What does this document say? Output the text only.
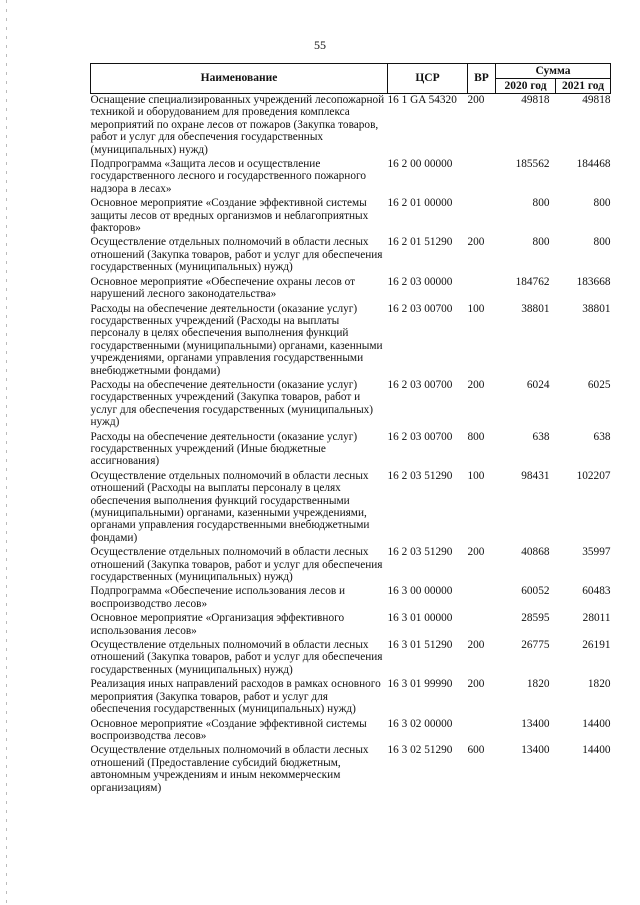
55
Наименование	ЦСР	ВР	Сумма	
			2020 год	2021 год
Оснащение специализированных учреждений лесопожарной техникой и оборудованием для проведения комплекса мероприятий по охране лесов от пожаров (Закупка товаров, работ и услуг для обеспечения государственных (муниципальных) нужд)	16 1 GA 54320	200	49818	49818
Подпрограмма «Защита лесов и осуществление государственного лесного и государственного пожарного надзора в лесах»	16 2 00 00000		185562	184468
Основное мероприятие «Создание эффективной системы защиты лесов от вредных организмов и неблагоприятных факторов»	16 2 01 00000		800	800
Осуществление отдельных полномочий в области лесных отношений (Закупка товаров, работ и услуг для обеспечения государственных (муниципальных) нужд)	16 2 01 51290	200	800	800
Основное мероприятие «Обеспечение охраны лесов от нарушений лесного законодательства»	16 2 03 00000		184762	183668
Расходы на обеспечение деятельности (оказание услуг) государственных учреждений (Расходы на выплаты персоналу в целях обеспечения выполнения функций государственными (муниципальными) органами, казенными учреждениями, органами управления государственными внебюджетными фондами)	16 2 03 00700	100	38801	38801
Расходы на обеспечение деятельности (оказание услуг) государственных учреждений (Закупка товаров, работ и услуг для обеспечения государственных (муниципальных) нужд)	16 2 03 00700	200	6024	6025
Расходы на обеспечение деятельности (оказание услуг) государственных учреждений (Иные бюджетные ассигнования)	16 2 03 00700	800	638	638
Осуществление отдельных полномочий в области лесных отношений (Расходы на выплаты персоналу в целях обеспечения выполнения функций государственными (муниципальными) органами, казенными учреждениями, органами управления государственными внебюджетными фондами)	16 2 03 51290	100	98431	102207
Осуществление отдельных полномочий в области лесных отношений (Закупка товаров, работ и услуг для обеспечения государственных (муниципальных) нужд)	16 2 03 51290	200	40868	35997
Подпрограмма «Обеспечение использования лесов и воспроизводство лесов»	16 3 00 00000		60052	60483
Основное мероприятие «Организация эффективного использования лесов»	16 3 01 00000		28595	28011
Осуществление отдельных полномочий в области лесных отношений (Закупка товаров, работ и услуг для обеспечения государственных (муниципальных) нужд)	16 3 01 51290	200	26775	26191
Реализация иных направлений расходов в рамках основного мероприятия (Закупка товаров, работ и услуг для обеспечения государственных (муниципальных) нужд)	16 3 01 99990	200	1820	1820
Основное мероприятие «Создание эффективной системы воспроизводства лесов»	16 3 02 00000		13400	14400
Осуществление отдельных полномочий в области лесных отношений (Предоставление субсидий бюджетным, автономным учреждениям и иным некоммерческим организациям)	16 3 02 51290	600	13400	14400
